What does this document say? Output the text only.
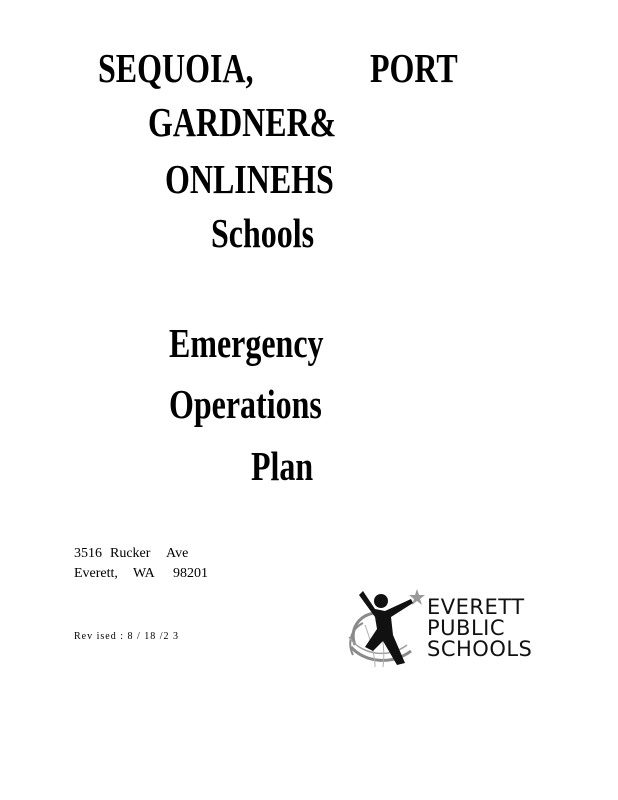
SEQUOIA,	PORT
GARDNER&
ONLINEHS
Schools
Emergency
Operations
Plan
3516 Rucker Ave
Everett, WA 98201
Rev ised : 8 / 18 /2 3
EVERETT
PUBLIC
SCHOOLS
